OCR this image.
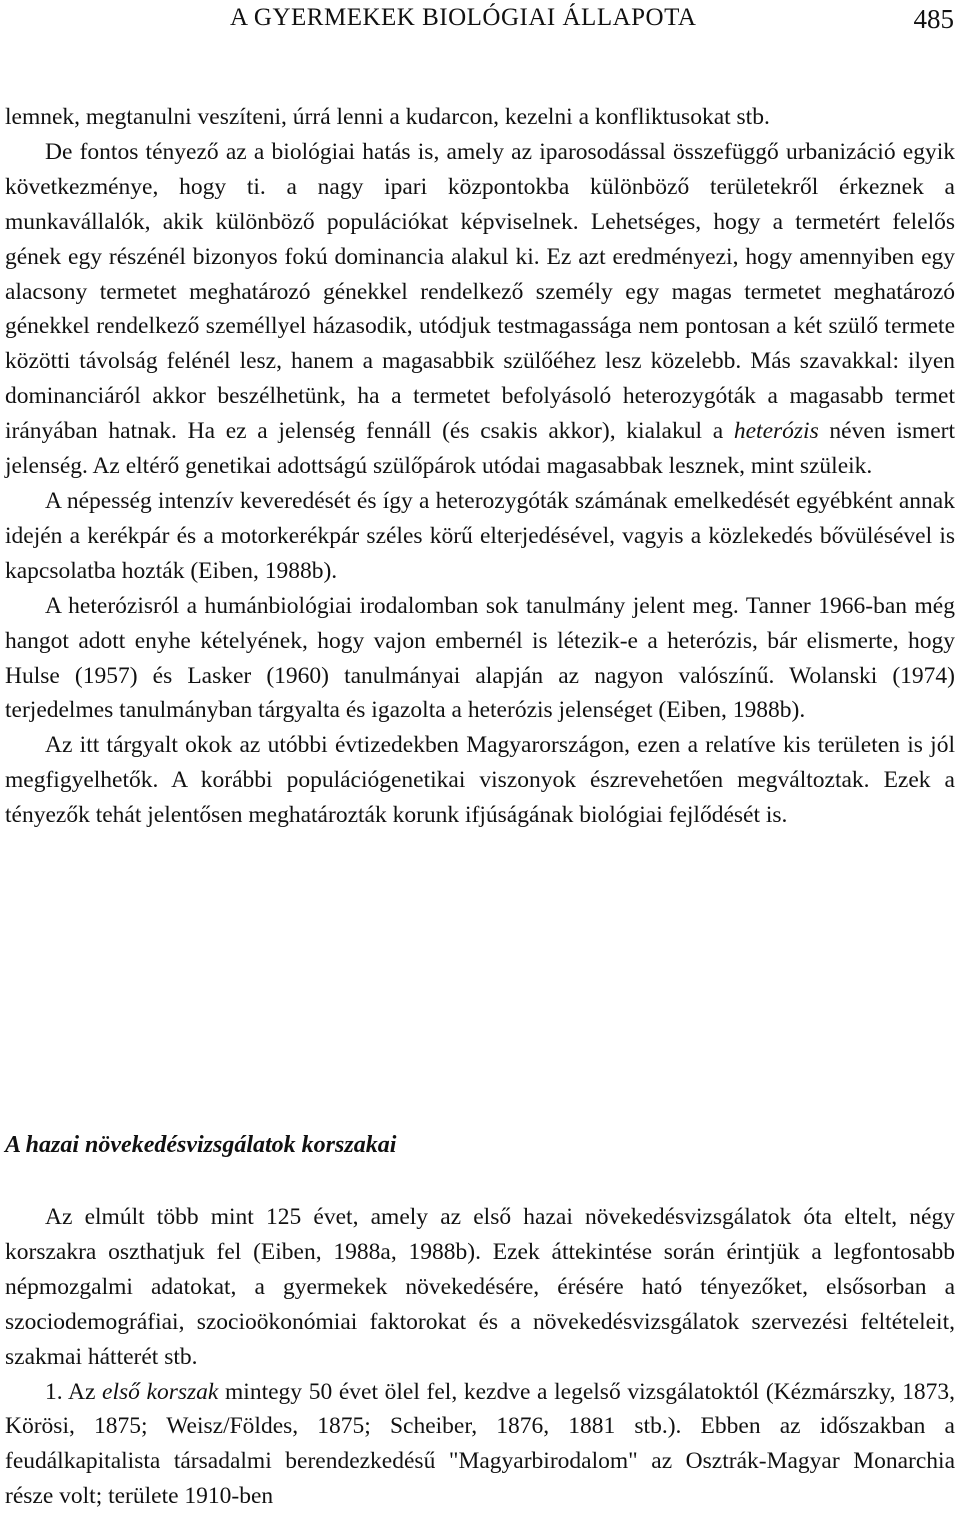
A GYERMEKEK BIOLÓGIAI ÁLLAPOTA	485

lemnek, megtanulni veszíteni, úrrá lenni a kudarcon, kezelni a konfliktusokat stb.

De fontos tényező az a biológiai hatás is, amely az iparosodással összefüggő urbanizáció egyik következménye, hogy ti. a nagy ipari központokba különböző területekről érkeznek a munkavállalók, akik különböző populációkat képviselnek. Lehetséges, hogy a termetért felelős gének egy részénél bizonyos fokú dominancia alakul ki. Ez azt eredményezi, hogy amennyiben egy alacsony termetet meghatározó génekkel rendelkező személy egy magas termetet meghatározó génekkel rendelkező személlyel házasodik, utódjuk testmagassága nem pontosan a két szülő termete közötti távolság felénél lesz, hanem a magasabbik szülőéhez lesz közelebb. Más szavakkal: ilyen dominanciáról akkor beszélhetünk, ha a termetet befolyásoló heterozygóták a magasabb termet irányában hatnak. Ha ez a jelenség fennáll (és csakis akkor), kialakul a heterózis néven ismert jelenség. Az eltérő genetikai adottságú szülőpárok utódai magasabbak lesznek, mint szüleik.

A népesség intenzív keveredését és így a heterozygóták számának emelkedését egyébként annak idején a kerékpár és a motorkerékpár széles körű elterjedésével, vagyis a közlekedés bővülésével is kapcsolatba hozták (Eiben, 1988b).

A heterózisról a humánbiológiai irodalomban sok tanulmány jelent meg. Tanner 1966-ban még hangot adott enyhe kételyének, hogy vajon embernél is létezik-e a heterózis, bár elismerte, hogy Hulse (1957) és Lasker (1960) tanulmányai alapján az nagyon valószínű. Wolanski (1974) terjedelmes tanulmányban tárgyalta és igazolta a heterózis jelenséget (Eiben, 1988b).

Az itt tárgyalt okok az utóbbi évtizedekben Magyarországon, ezen a relatíve kis területen is jól megfigyelhetők. A korábbi populációgenetikai viszonyok észrevehetően megváltoztak. Ezek a tényezők tehát jelentősen meghatározták korunk ifjúságának biológiai fejlődését is.

A hazai növekedésvizsgálatok korszakai

Az elmúlt több mint 125 évet, amely az első hazai növekedésvizsgálatok óta eltelt, négy korszakra oszthatjuk fel (Eiben, 1988a, 1988b). Ezek áttekintése során érintjük a legfontosabb népmozgalmi adatokat, a gyermekek növekedésére, érésére ható tényezőket, elsősorban a szociodemográfiai, szocioökonómiai faktorokat és a növekedésvizsgálatok szervezési feltételeit, szakmai hátterét stb.

1. Az első korszak mintegy 50 évet ölel fel, kezdve a legelső vizsgálatoktól (Kézmárszky, 1873, Körösi, 1875; Weisz/Földes, 1875; Scheiber, 1876, 1881 stb.). Ebben az időszakban a feudálkapitalista társadalmi berendezkedésű "Magyarbirodalom" az Osztrák-Magyar Monarchia része volt; területe 1910-ben
